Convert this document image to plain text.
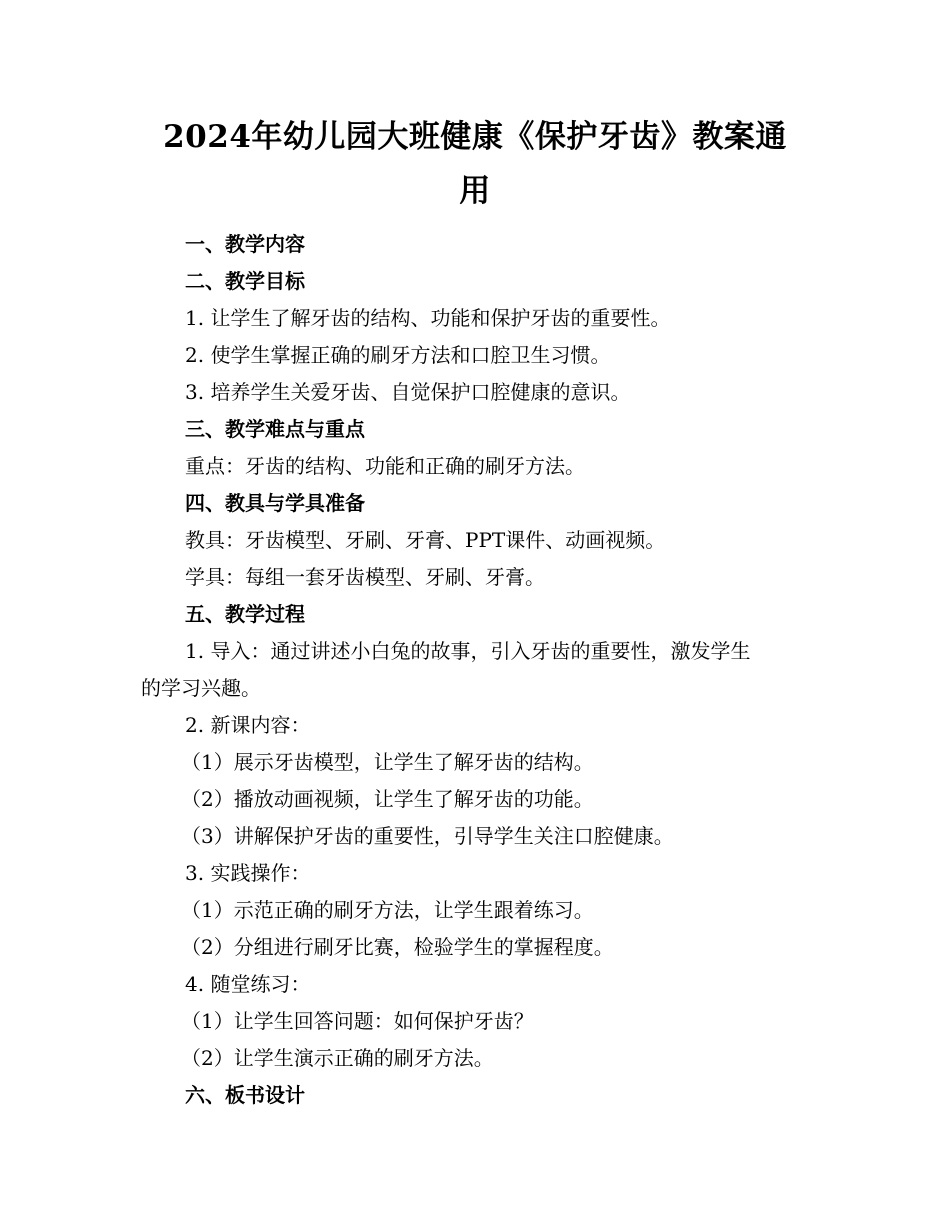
2024年幼儿园大班健康《保护牙齿》教案通
用

一、教学内容

二、教学目标

1. 让学生了解牙齿的结构、功能和保护牙齿的重要性。

2. 使学生掌握正确的刷牙方法和口腔卫生习惯。

3. 培养学生关爱牙齿、自觉保护口腔健康的意识。

三、教学难点与重点

重点：牙齿的结构、功能和正确的刷牙方法。

四、教具与学具准备

教具：牙齿模型、牙刷、牙膏、PPT课件、动画视频。

学具：每组一套牙齿模型、牙刷、牙膏。

五、教学过程

1. 导入：通过讲述小白兔的故事，引入牙齿的重要性，激发学生

的学习兴趣。

2. 新课内容：

（1）展示牙齿模型，让学生了解牙齿的结构。

（2）播放动画视频，让学生了解牙齿的功能。

（3）讲解保护牙齿的重要性，引导学生关注口腔健康。

3. 实践操作：

（1）示范正确的刷牙方法，让学生跟着练习。

（2）分组进行刷牙比赛，检验学生的掌握程度。

4. 随堂练习：

（1）让学生回答问题：如何保护牙齿？

（2）让学生演示正确的刷牙方法。

六、板书设计
